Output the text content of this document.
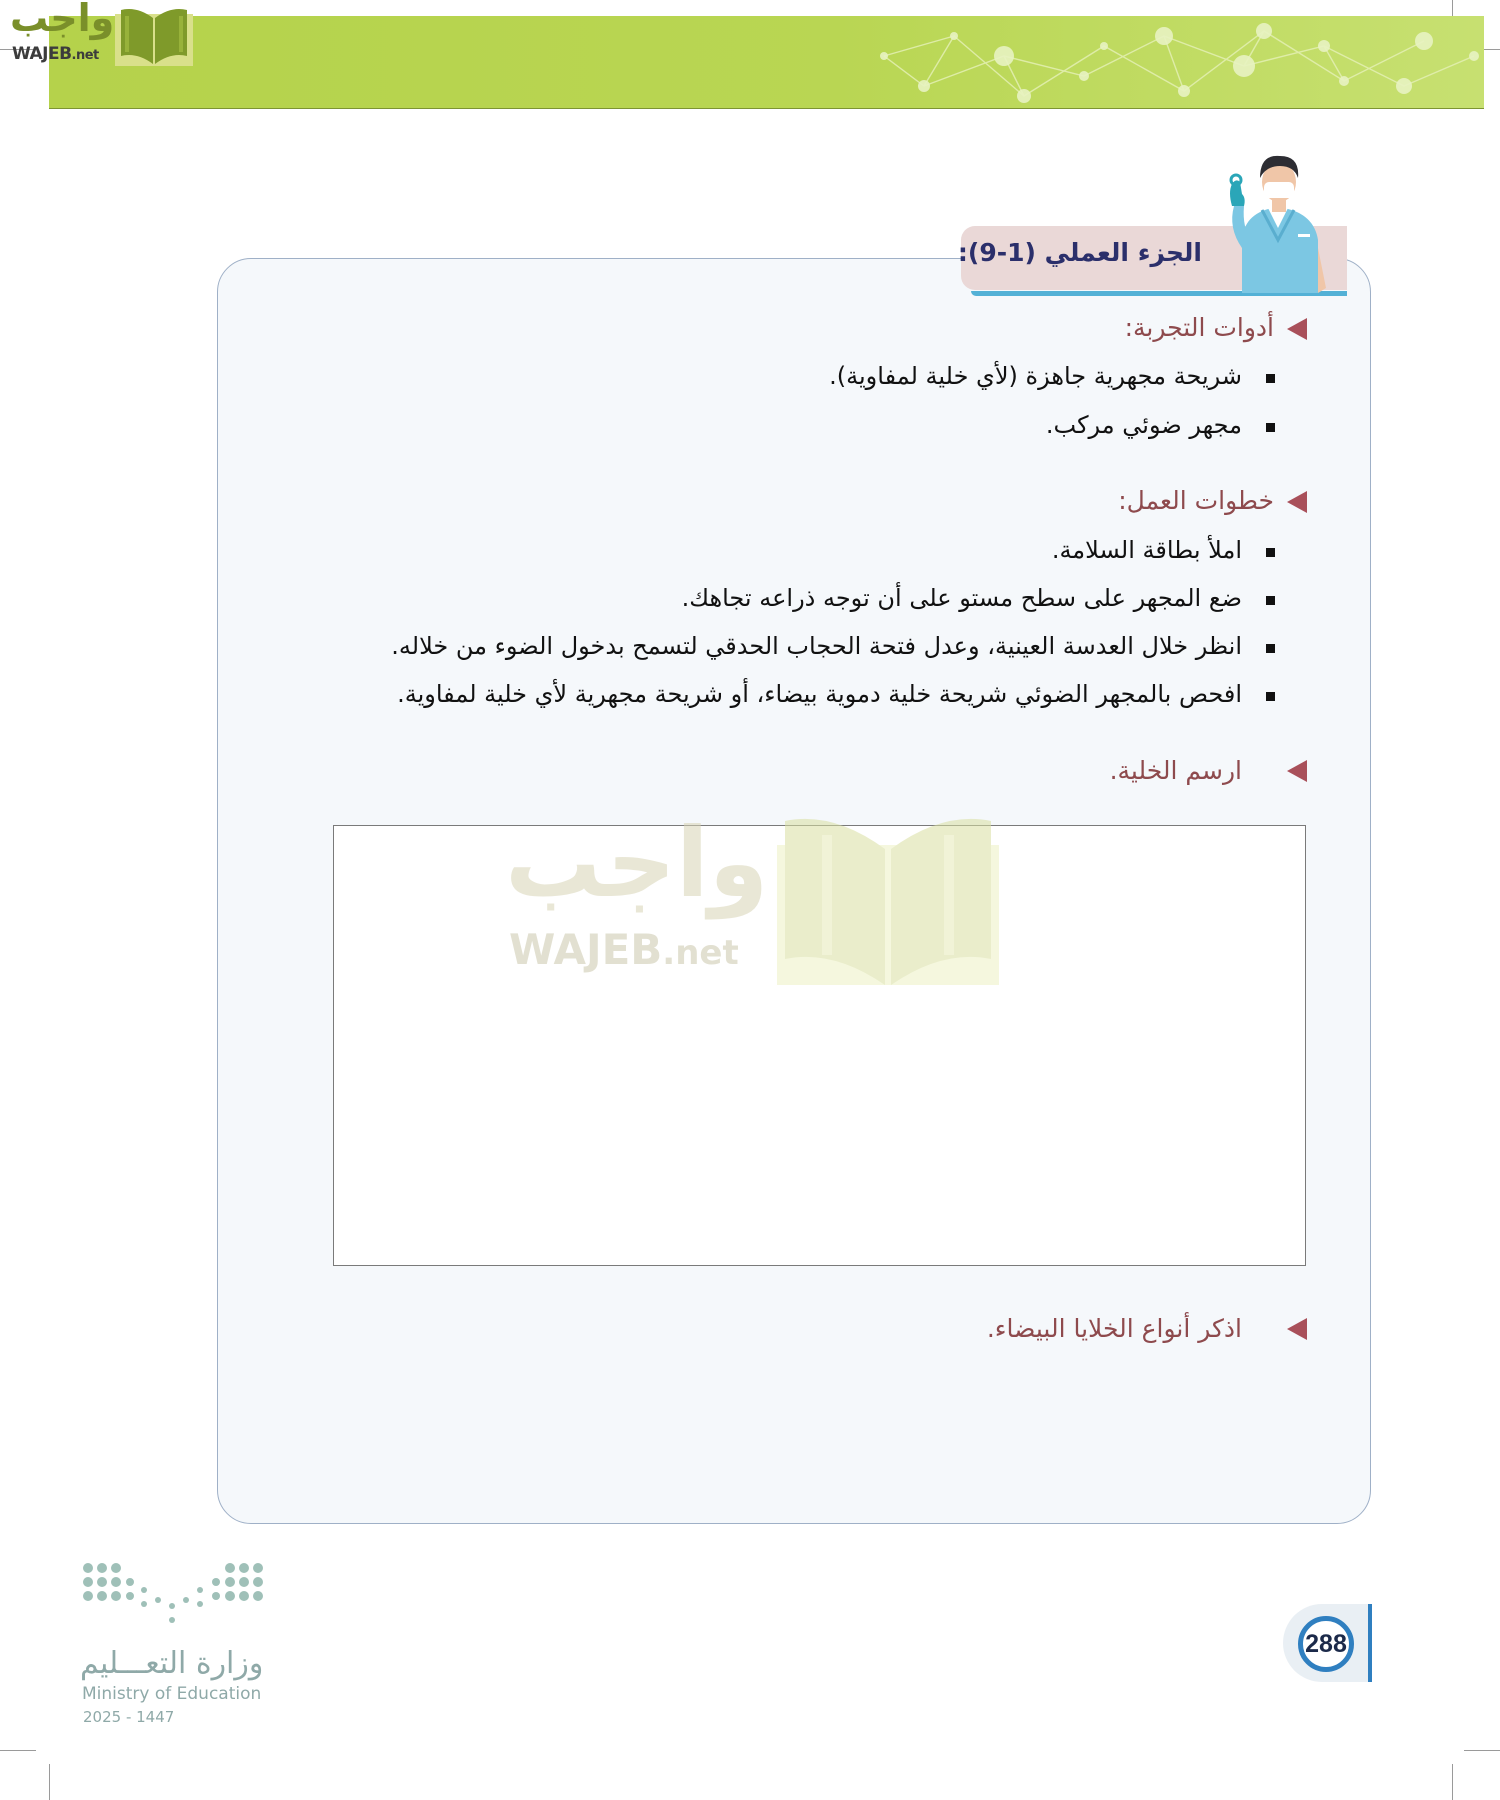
واجب
WAJEB.net
الجزء العملي (1-9):
أدوات التجربة:
شريحة مجهرية جاهزة (لأي خلية لمفاوية).
مجهر ضوئي مركب.
خطوات العمل:
املأ بطاقة السلامة.
ضع المجهر على سطح مستو على أن توجه ذراعه تجاهك.
انظر خلال العدسة العينية، وعدل فتحة الحجاب الحدقي لتسمح بدخول الضوء من خلاله.
افحص بالمجهر الضوئي شريحة خلية دموية بيضاء، أو شريحة مجهرية لأي خلية لمفاوية.
ارسم الخلية.
واجب
WAJEB.net
اذكر أنواع الخلايا البيضاء.
وزارة التعـــليم
Ministry of Education
2025 - 1447
288
